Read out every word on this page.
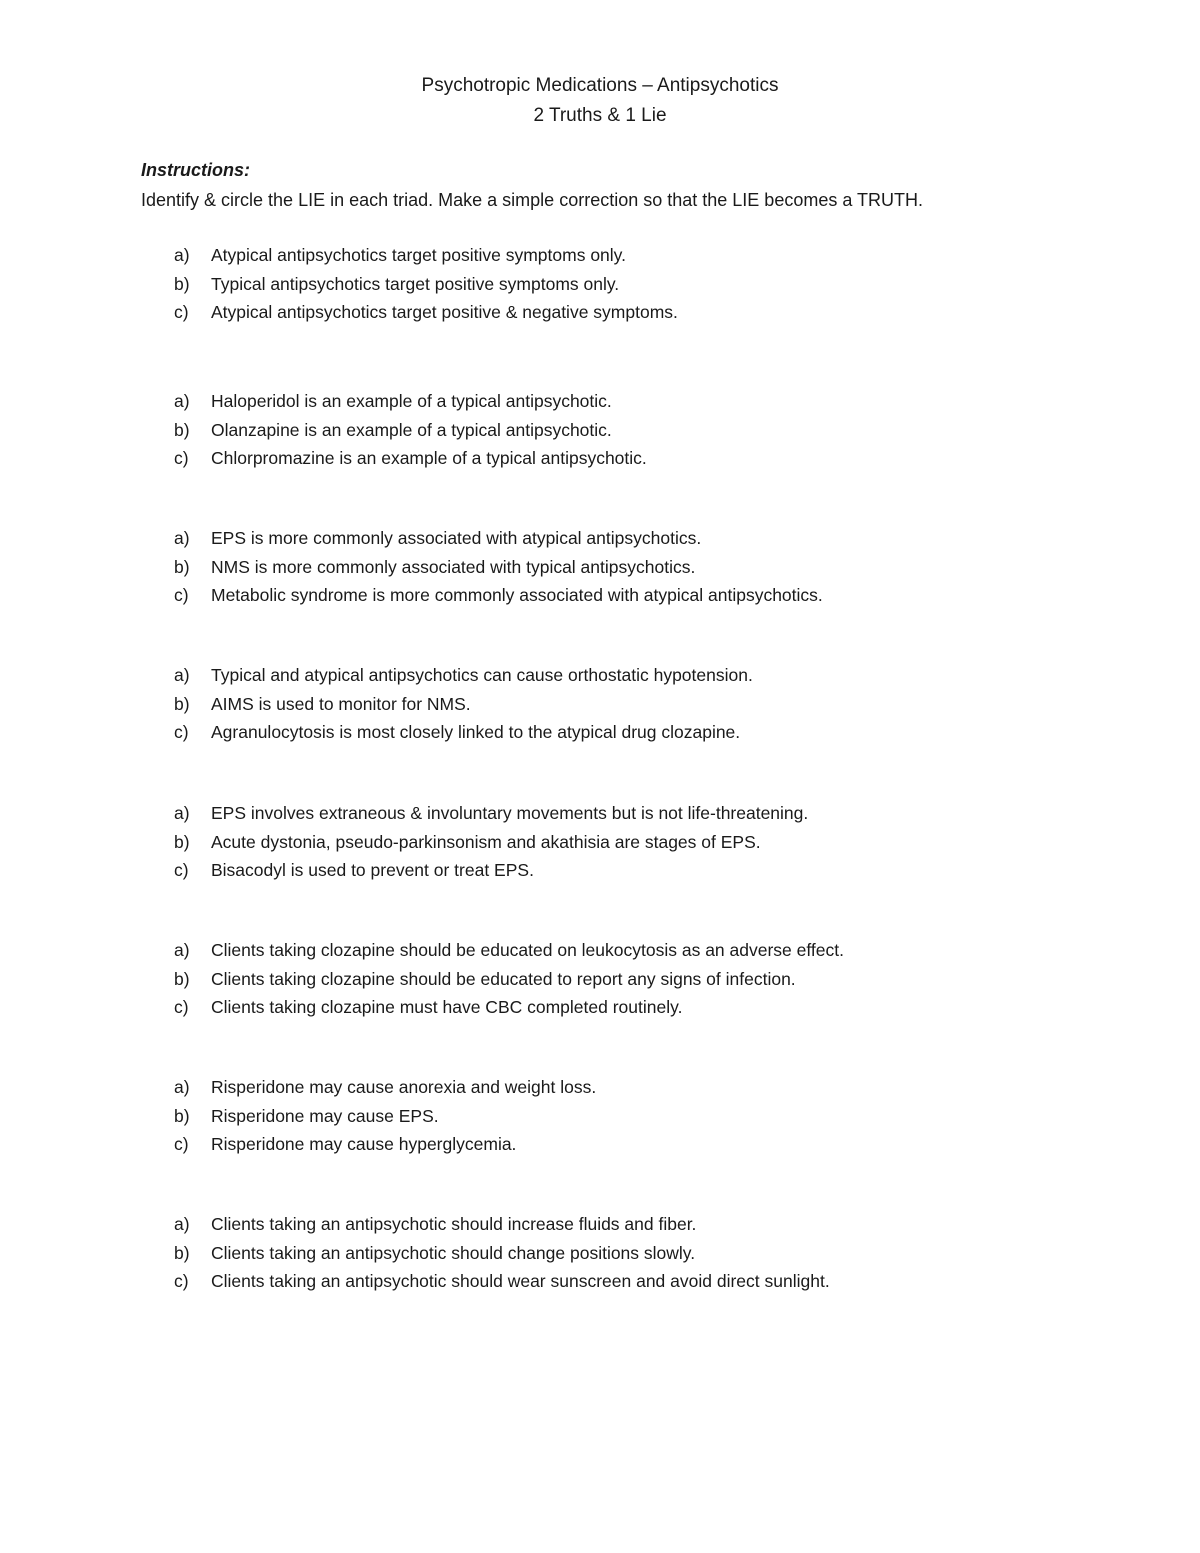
Psychotropic Medications – Antipsychotics
2 Truths & 1 Lie

Instructions:

Identify & circle the LIE in each triad. Make a simple correction so that the LIE becomes a TRUTH.

a)	Atypical antipsychotics target positive symptoms only.
b)	Typical antipsychotics target positive symptoms only.
c)	Atypical antipsychotics target positive & negative symptoms.
a)	Haloperidol is an example of a typical antipsychotic.
b)	Olanzapine is an example of a typical antipsychotic.
c)	Chlorpromazine is an example of a typical antipsychotic.
a)	EPS is more commonly associated with atypical antipsychotics.
b)	NMS is more commonly associated with typical antipsychotics.
c)	Metabolic syndrome is more commonly associated with atypical antipsychotics.
a)	Typical and atypical antipsychotics can cause orthostatic hypotension.
b)	AIMS is used to monitor for NMS.
c)	Agranulocytosis is most closely linked to the atypical drug clozapine.
a)	EPS involves extraneous & involuntary movements but is not life-threatening.
b)	Acute dystonia, pseudo-parkinsonism and akathisia are stages of EPS.
c)	Bisacodyl is used to prevent or treat EPS.
a)	Clients taking clozapine should be educated on leukocytosis as an adverse effect.
b)	Clients taking clozapine should be educated to report any signs of infection.
c)	Clients taking clozapine must have CBC completed routinely.
a)	Risperidone may cause anorexia and weight loss.
b)	Risperidone may cause EPS.
c)	Risperidone may cause hyperglycemia.
a)	Clients taking an antipsychotic should increase fluids and fiber.
b)	Clients taking an antipsychotic should change positions slowly.
c)	Clients taking an antipsychotic should wear sunscreen and avoid direct sunlight.
